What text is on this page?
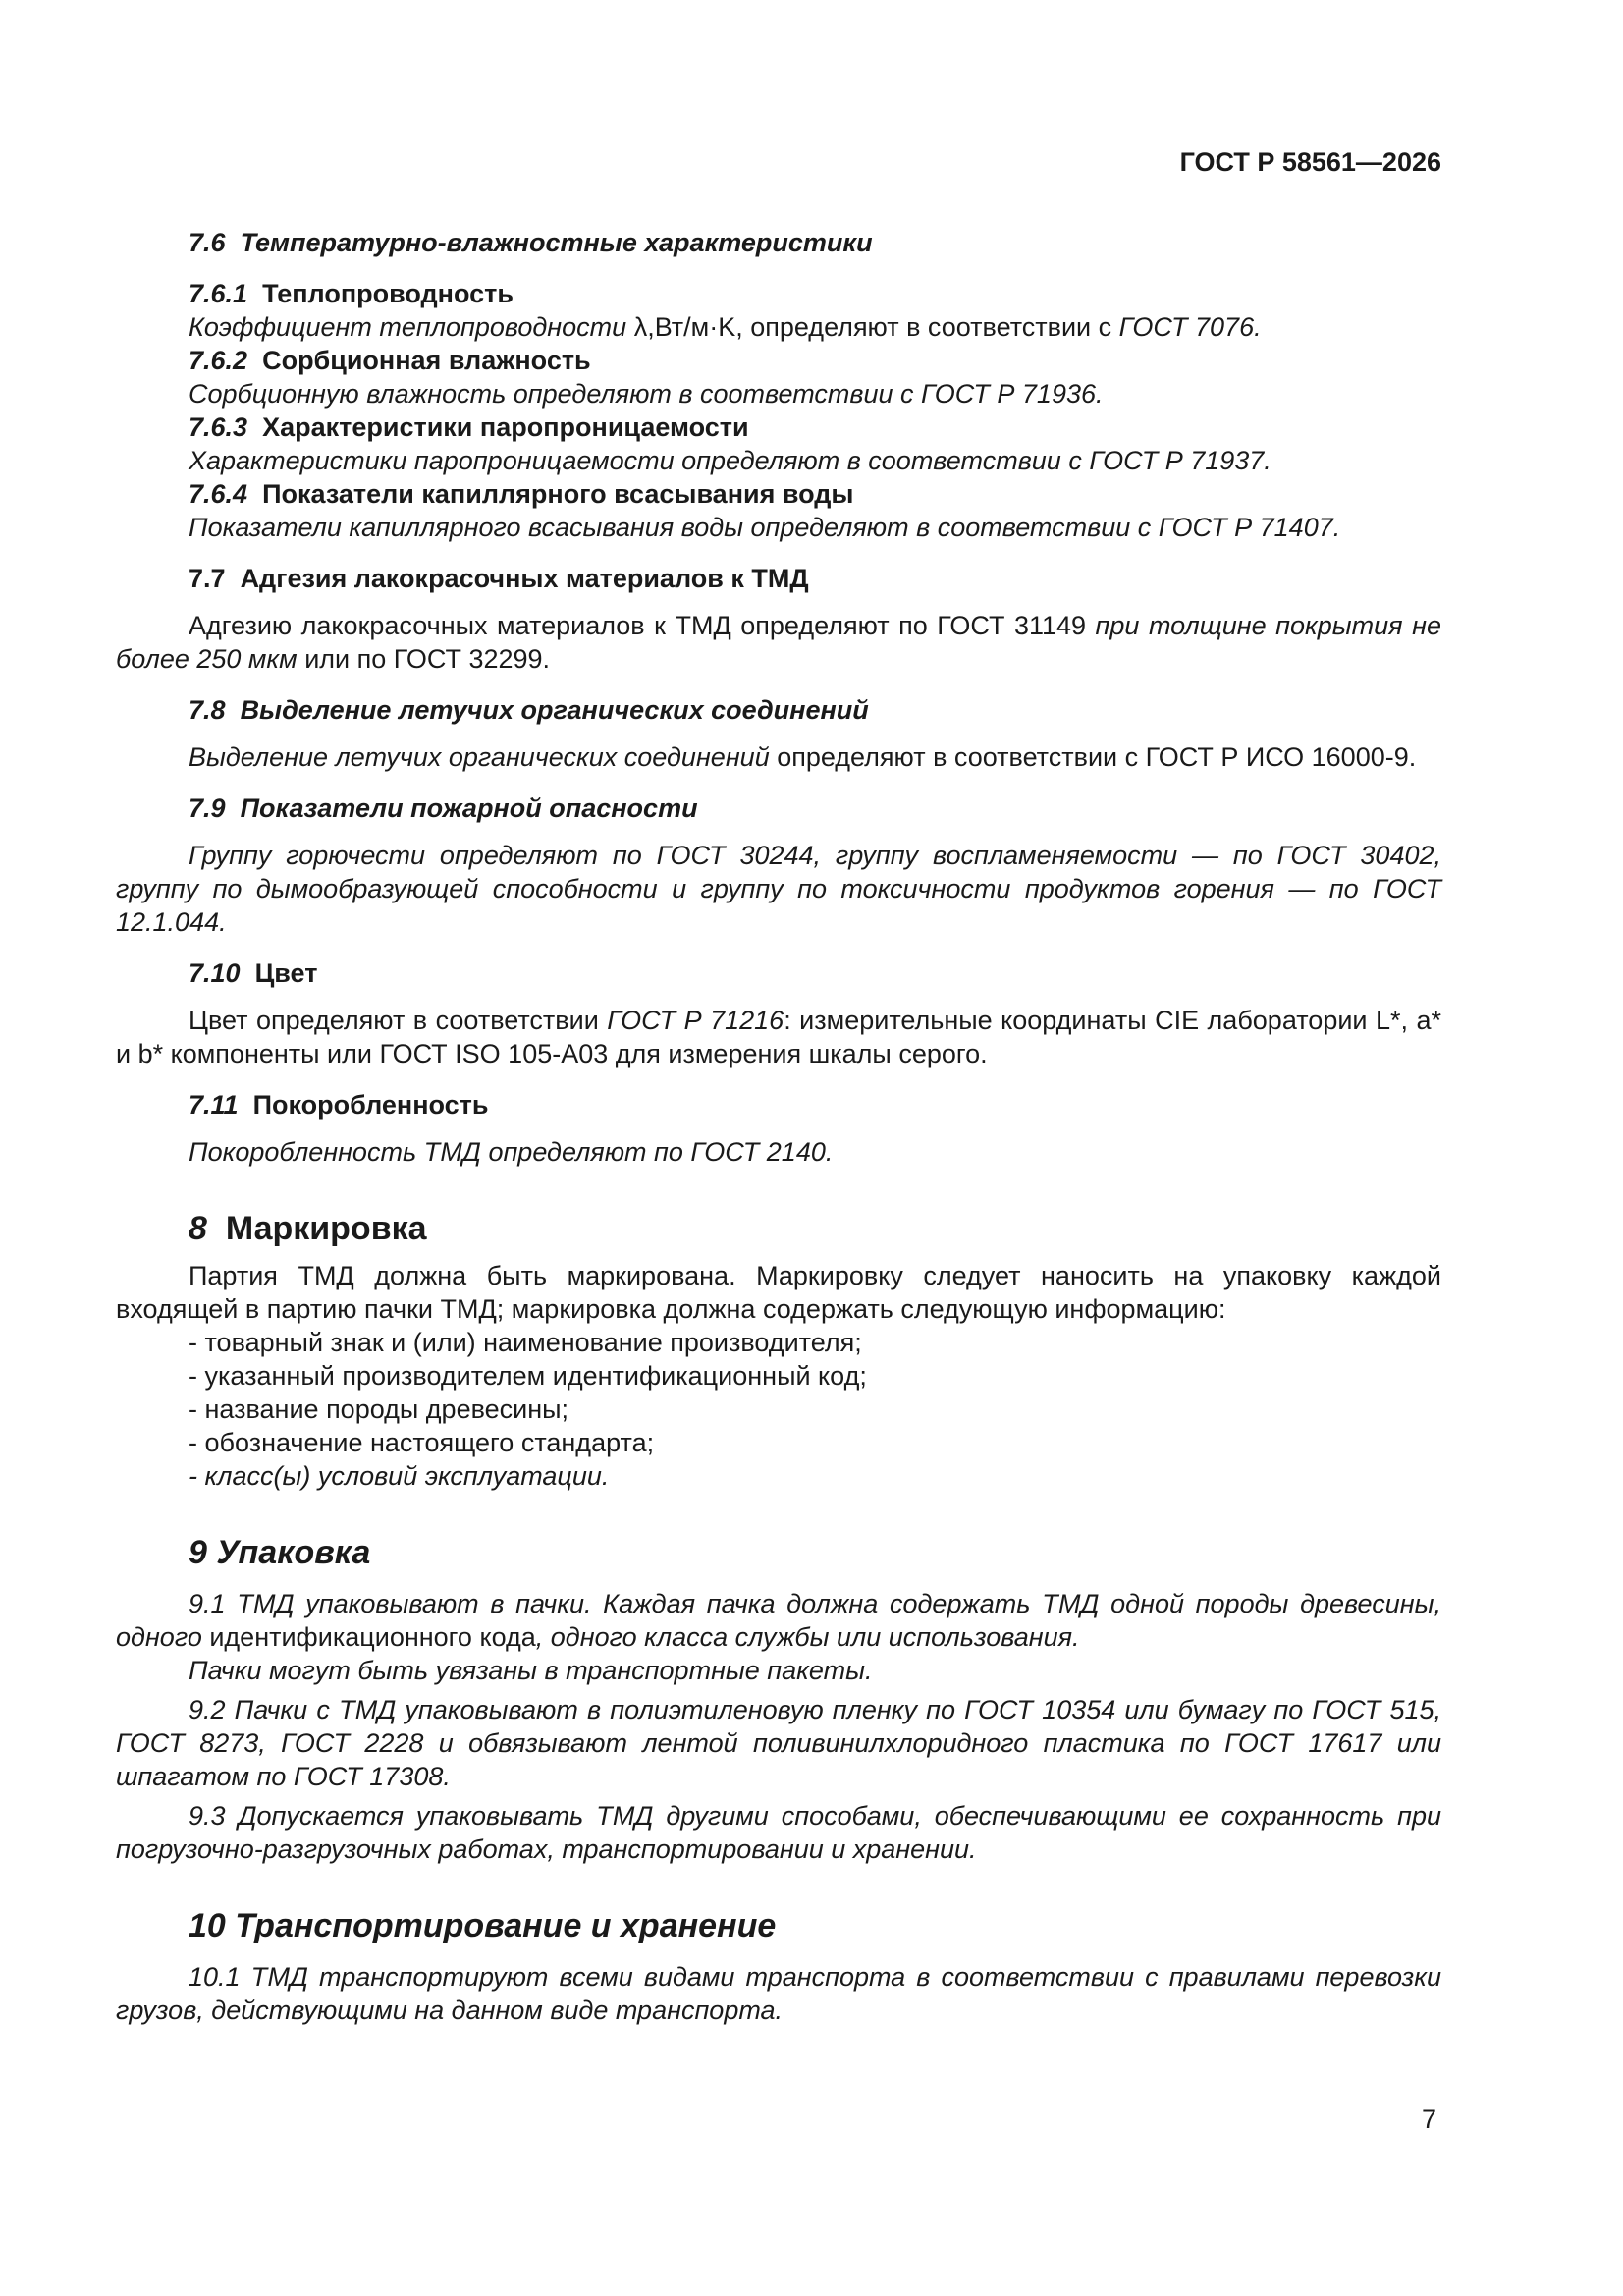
ГОСТ Р 58561—2026
7.6 Температурно-влажностные характеристики
7.6.1 Теплопроводность

Коэффициент теплопроводности λ,Вт/м·K, определяют в соответствии с ГОСТ 7076.

7.6.2 Сорбционная влажность

Сорбционную влажность определяют в соответствии с ГОСТ Р 71936.

7.6.3 Характеристики паропроницаемости

Характеристики паропроницаемости определяют в соответствии с ГОСТ Р 71937.

7.6.4 Показатели капиллярного всасывания воды

Показатели капиллярного всасывания воды определяют в соответствии с ГОСТ Р 71407.

7.7 Адгезия лакокрасочных материалов к ТМД

Адгезию лакокрасочных материалов к ТМД определяют по ГОСТ 31149 при толщине покрытия не более 250 мкм или по ГОСТ 32299.

7.8 Выделение летучих органических соединений

Выделение летучих органических соединений определяют в соответствии с ГОСТ Р ИСО 16000-9.

7.9 Показатели пожарной опасности

Группу горючести определяют по ГОСТ 30244, группу воспламеняемости — по ГОСТ 30402, группу по дымообразующей способности и группу по токсичности продуктов горения — по ГОСТ 12.1.044.

7.10 Цвет

Цвет определяют в соответствии ГОСТ Р 71216: измерительные координаты CIE лаборатории L*, a* и b* компоненты или ГОСТ ISO 105-A03 для измерения шкалы серого.

7.11 Покоробленность

Покоробленность ТМД определяют по ГОСТ 2140.

8 Маркировка

Партия ТМД должна быть маркирована. Маркировку следует наносить на упаковку каждой входящей в партию пачки ТМД; маркировка должна содержать следующую информацию:

- товарный знак и (или) наименование производителя;
- указанный производителем идентификационный код;
- название породы древесины;
- обозначение настоящего стандарта;
- класс(ы) условий эксплуатации.
9 Упаковка

9.1 ТМД упаковывают в пачки. Каждая пачка должна содержать ТМД одной породы древесины, одного идентификационного кода, одного класса службы или использования.

Пачки могут быть увязаны в транспортные пакеты.

9.2 Пачки с ТМД упаковывают в полиэтиленовую пленку по ГОСТ 10354 или бумагу по ГОСТ 515, ГОСТ 8273, ГОСТ 2228 и обвязывают лентой поливинилхлоридного пластика по ГОСТ 17617 или шпагатом по ГОСТ 17308.

9.3 Допускается упаковывать ТМД другими способами, обеспечивающими ее сохранность при погрузочно-разгрузочных работах, транспортировании и хранении.

10 Транспортирование и хранение

10.1 ТМД транспортируют всеми видами транспорта в соответствии с правилами перевозки грузов, действующими на данном виде транспорта.

7
